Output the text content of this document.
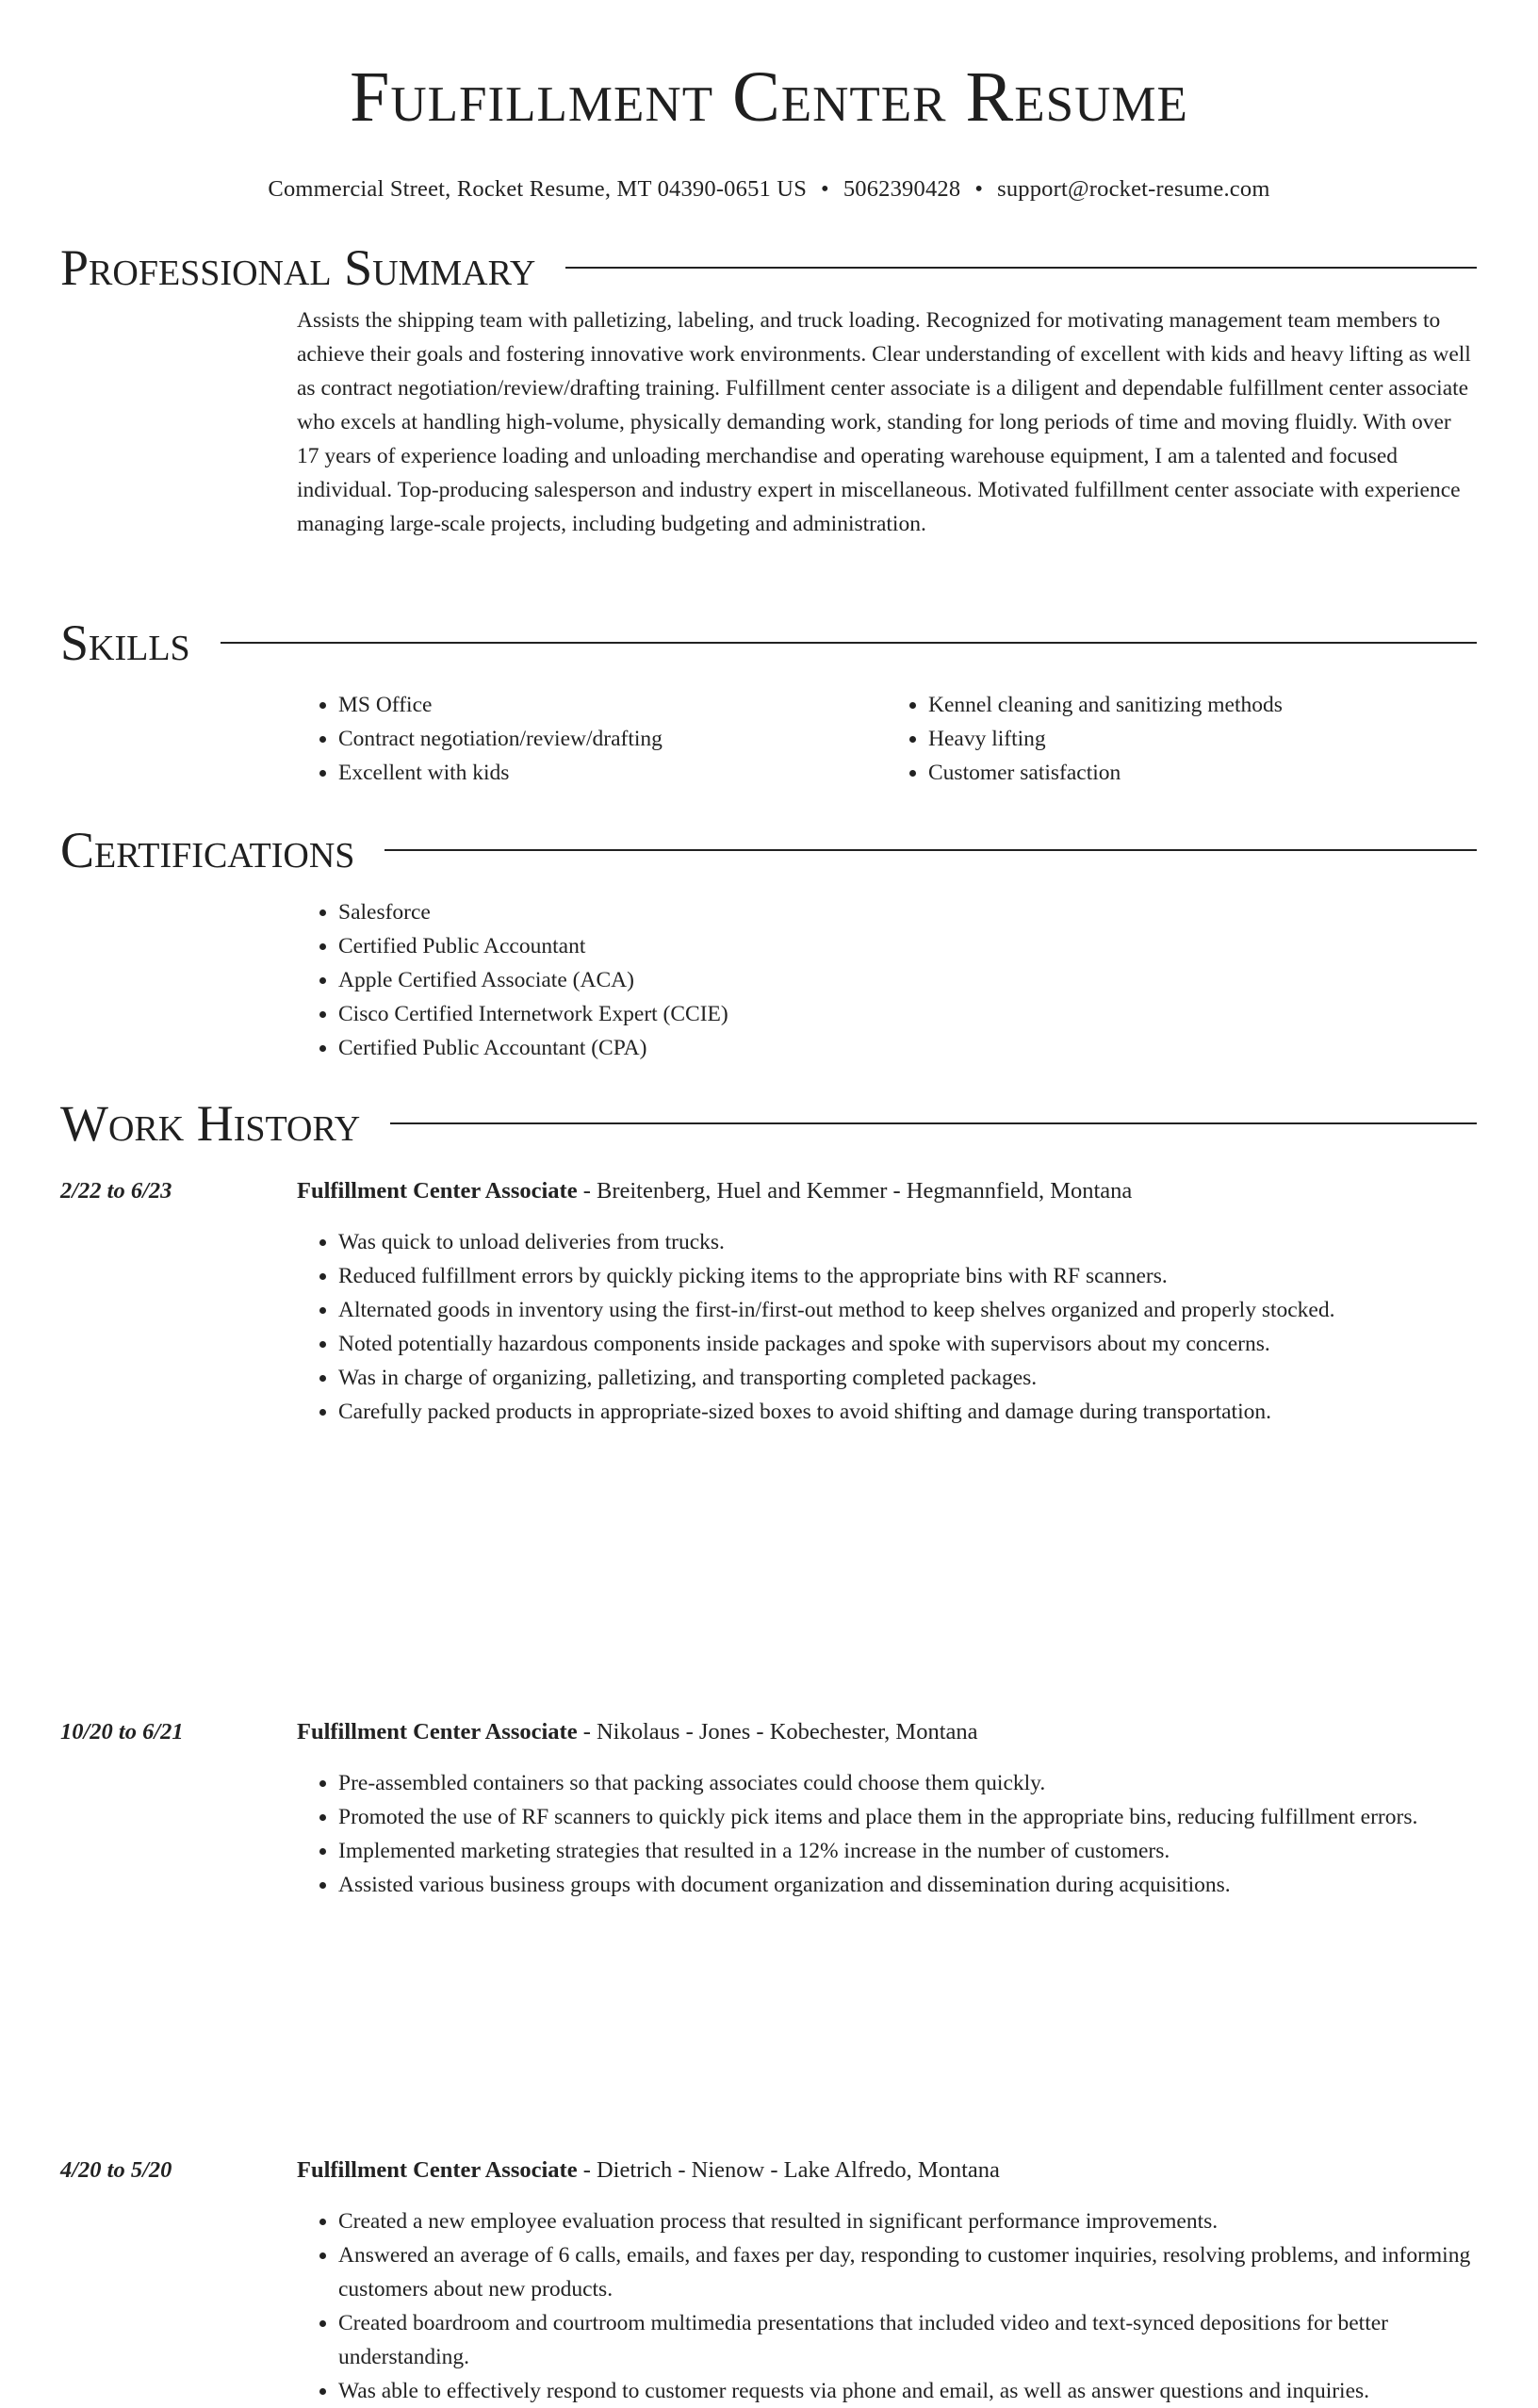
Fulfillment Center Resume
Commercial Street, Rocket Resume, MT 04390-0651 US • 5062390428 • support@rocket-resume.com
Professional Summary

Assists the shipping team with palletizing, labeling, and truck loading. Recognized for motivating management team members to achieve their goals and fostering innovative work environments. Clear understanding of excellent with kids and heavy lifting as well as contract negotiation/review/drafting training. Fulfillment center associate is a diligent and dependable fulfillment center associate who excels at handling high-volume, physically demanding work, standing for long periods of time and moving fluidly. With over 17 years of experience loading and unloading merchandise and operating warehouse equipment, I am a talented and focused individual. Top-producing salesperson and industry expert in miscellaneous. Motivated fulfillment center associate with experience managing large-scale projects, including budgeting and administration.

Skills
• MS Office
• Contract negotiation/review/drafting
• Excellent with kids
• Kennel cleaning and sanitizing methods
• Heavy lifting
• Customer satisfaction
Certifications
• Salesforce
• Certified Public Accountant
• Apple Certified Associate (ACA)
• Cisco Certified Internetwork Expert (CCIE)
• Certified Public Accountant (CPA)
Work History
2/22 to 6/23	Fulfillment Center Associate - Breitenberg, Huel and Kemmer - Hegmannfield, Montana
• Was quick to unload deliveries from trucks.
• Reduced fulfillment errors by quickly picking items to the appropriate bins with RF scanners.
• Alternated goods in inventory using the first-in/first-out method to keep shelves organized and properly stocked.
• Noted potentially hazardous components inside packages and spoke with supervisors about my concerns.
• Was in charge of organizing, palletizing, and transporting completed packages.
• Carefully packed products in appropriate-sized boxes to avoid shifting and damage during transportation.
10/20 to 6/21	Fulfillment Center Associate - Nikolaus - Jones - Kobechester, Montana
• Pre-assembled containers so that packing associates could choose them quickly.
• Promoted the use of RF scanners to quickly pick items and place them in the appropriate bins, reducing fulfillment errors.
• Implemented marketing strategies that resulted in a 12% increase in the number of customers.
• Assisted various business groups with document organization and dissemination during acquisitions.
4/20 to 5/20	Fulfillment Center Associate - Dietrich - Nienow - Lake Alfredo, Montana
• Created a new employee evaluation process that resulted in significant performance improvements.
• Answered an average of 6 calls, emails, and faxes per day, responding to customer inquiries, resolving problems, and informing customers about new products.
• Created boardroom and courtroom multimedia presentations that included video and text-synced depositions for better understanding.
• Was able to effectively respond to customer requests via phone and email, as well as answer questions and inquiries.
